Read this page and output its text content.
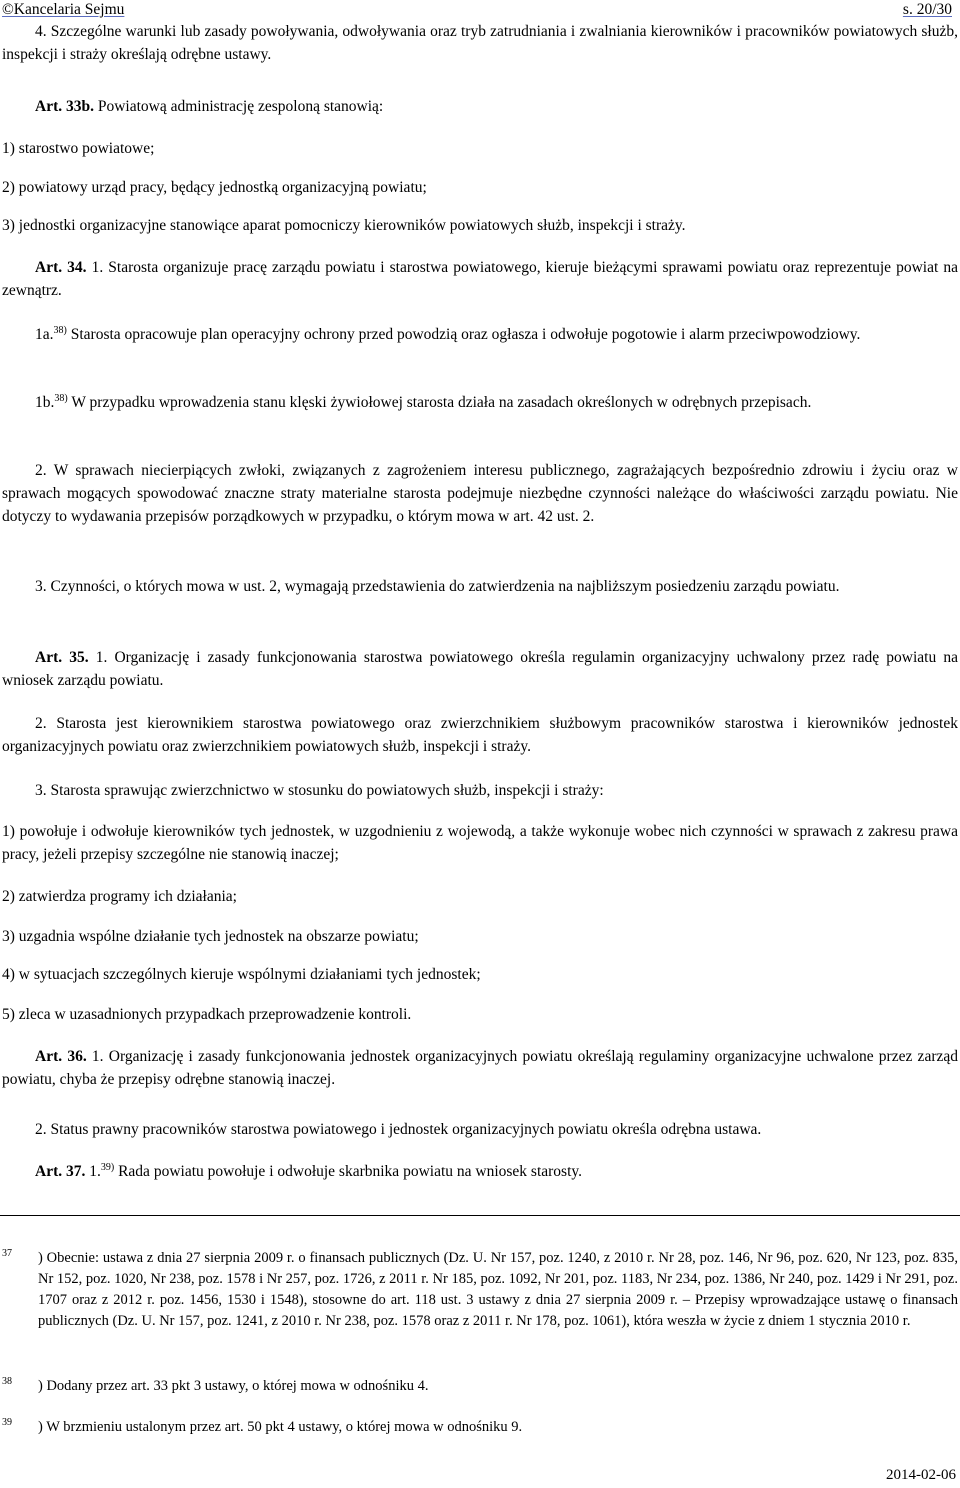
©Kancelaria Sejmu	s. 20/30

4. Szczególne warunki lub zasady powoływania, odwoływania oraz tryb zatrudniania i zwalniania kierowników i pracowników powiatowych służb, inspekcji i straży określają odrębne ustawy.

Art. 33b. Powiatową administrację zespoloną stanowią:

1) starostwo powiatowe;

2) powiatowy urząd pracy, będący jednostką organizacyjną powiatu;

3) jednostki organizacyjne stanowiące aparat pomocniczy kierowników powiatowych służb, inspekcji i straży.

Art. 34. 1. Starosta organizuje pracę zarządu powiatu i starostwa powiatowego, kieruje bieżącymi sprawami powiatu oraz reprezentuje powiat na zewnątrz.

1a.$^{38)}$ Starosta opracowuje plan operacyjny ochrony przed powodzią oraz ogłasza i odwołuje pogotowie i alarm przeciwpowodziowy.

1b.$^{38)}$ W przypadku wprowadzenia stanu klęski żywiołowej starosta działa na zasadach określonych w odrębnych przepisach.

2. W sprawach niecierpiących zwłoki, związanych z zagrożeniem interesu publicznego, zagrażających bezpośrednio zdrowiu i życiu oraz w sprawach mogących spowodować znaczne straty materialne starosta podejmuje niezbędne czynności należące do właściwości zarządu powiatu. Nie dotyczy to wydawania przepisów porządkowych w przypadku, o którym mowa w art. 42 ust. 2.

3. Czynności, o których mowa w ust. 2, wymagają przedstawienia do zatwierdzenia na najbliższym posiedzeniu zarządu powiatu.

Art. 35. 1. Organizację i zasady funkcjonowania starostwa powiatowego określa regulamin organizacyjny uchwalony przez radę powiatu na wniosek zarządu powiatu.

2. Starosta jest kierownikiem starostwa powiatowego oraz zwierzchnikiem służbowym pracowników starostwa i kierowników jednostek organizacyjnych powiatu oraz zwierzchnikiem powiatowych służb, inspekcji i straży.

3. Starosta sprawując zwierzchnictwo w stosunku do powiatowych służb, inspekcji i straży:

1) powołuje i odwołuje kierowników tych jednostek, w uzgodnieniu z wojewodą, a także wykonuje wobec nich czynności w sprawach z zakresu prawa pracy, jeżeli przepisy szczególne nie stanowią inaczej;

2) zatwierdza programy ich działania;

3) uzgadnia wspólne działanie tych jednostek na obszarze powiatu;

4) w sytuacjach szczególnych kieruje wspólnymi działaniami tych jednostek;

5) zleca w uzasadnionych przypadkach przeprowadzenie kontroli.

Art. 36. 1. Organizację i zasady funkcjonowania jednostek organizacyjnych powiatu określają regulaminy organizacyjne uchwalone przez zarząd powiatu, chyba że przepisy odrębne stanowią inaczej.

2. Status prawny pracowników starostwa powiatowego i jednostek organizacyjnych powiatu określa odrębna ustawa.

Art. 37. 1.$^{39)}$ Rada powiatu powołuje i odwołuje skarbnika powiatu na wniosek starosty.

$^{37}$	) Obecnie: ustawa z dnia 27 sierpnia 2009 r. o finansach publicznych (Dz. U. Nr 157, poz. 1240, z 2010 r. Nr 28, poz. 146, Nr 96, poz. 620, Nr 123, poz. 835, Nr 152, poz. 1020, Nr 238, poz. 1578 i Nr 257, poz. 1726, z 2011 r. Nr 185, poz. 1092, Nr 201, poz. 1183, Nr 234, poz. 1386, Nr 240, poz. 1429 i Nr 291, poz. 1707 oraz z 2012 r. poz. 1456, 1530 i 1548), stosowne do art. 118 ust. 3 ustawy z dnia 27 sierpnia 2009 r. – Przepisy wprowadzające ustawę o finansach publicznych (Dz. U. Nr 157, poz. 1241, z 2010 r. Nr 238, poz. 1578 oraz z 2011 r. Nr 178, poz. 1061), która weszła w życie z dniem 1 stycznia 2010 r.
$^{38}$	) Dodany przez art. 33 pkt 3 ustawy, o której mowa w odnośniku 4.
$^{39}$	) W brzmieniu ustalonym przez art. 50 pkt 4 ustawy, o której mowa w odnośniku 9.
2014-02-06
